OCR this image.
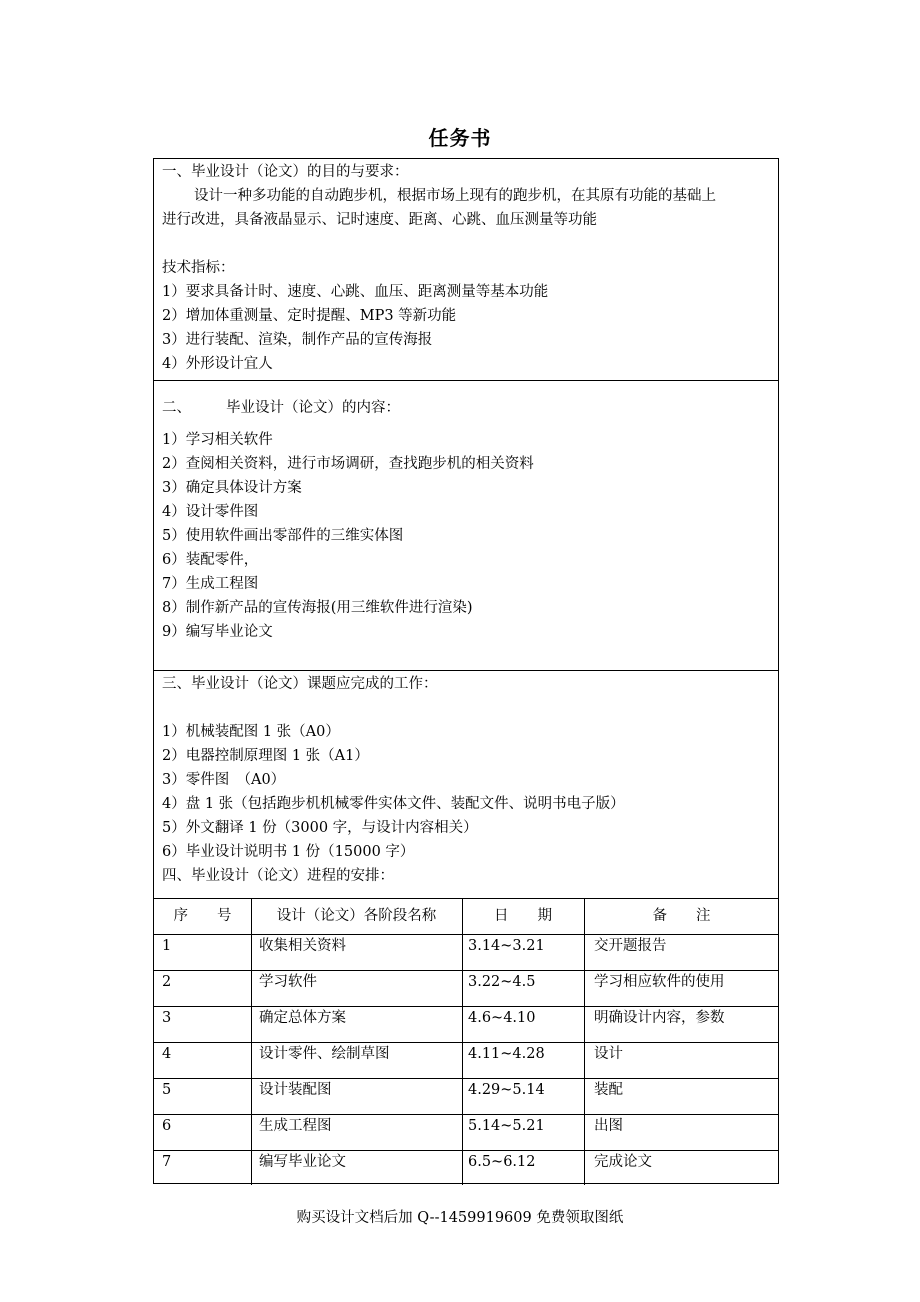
任务书
一、毕业设计（论文）的目的与要求：
设计一种多功能的自动跑步机，根据市场上现有的跑步机，在其原有功能的基础上
进行改进，具备液晶显示、记时速度、距离、心跳、血压测量等功能
技术指标：
1）要求具备计时、速度、心跳、血压、距离测量等基本功能
2）增加体重测量、定时提醒、MP3 等新功能
3）进行装配、渲染，制作产品的宣传海报
4）外形设计宜人
二、 毕业设计（论文）的内容：
1）学习相关软件
2）查阅相关资料，进行市场调研，查找跑步机的相关资料
3）确定具体设计方案
4）设计零件图
5）使用软件画出零部件的三维实体图
6）装配零件，
7）生成工程图
8）制作新产品的宣传海报(用三维软件进行渲染)
9）编写毕业论文
三、毕业设计（论文）课题应完成的工作：
1）机械装配图 1 张（A0）
2）电器控制原理图 1 张（A1）
3）零件图　（A0）
4）盘 1 张（包括跑步机机械零件实体文件、装配文件、说明书电子版）
5）外文翻译 1 份（3000 字，与设计内容相关）
6）毕业设计说明书 1 份（15000 字）
四、毕业设计（论文）进程的安排：
序　　号	设计（论文）各阶段名称	日　　期	备　　注
1	收集相关资料	3.14~3.21	交开题报告
2	学习软件	3.22~4.5	学习相应软件的使用
3	确定总体方案	4.6~4.10	明确设计内容，参数
4	设计零件、绘制草图	4.11~4.28	设计
5	设计装配图	4.29~5.14	装配
6	生成工程图	5.14~5.21	出图
7	编写毕业论文	6.5~6.12	完成论文
购买设计文档后加 Q--1459919609 免费领取图纸
